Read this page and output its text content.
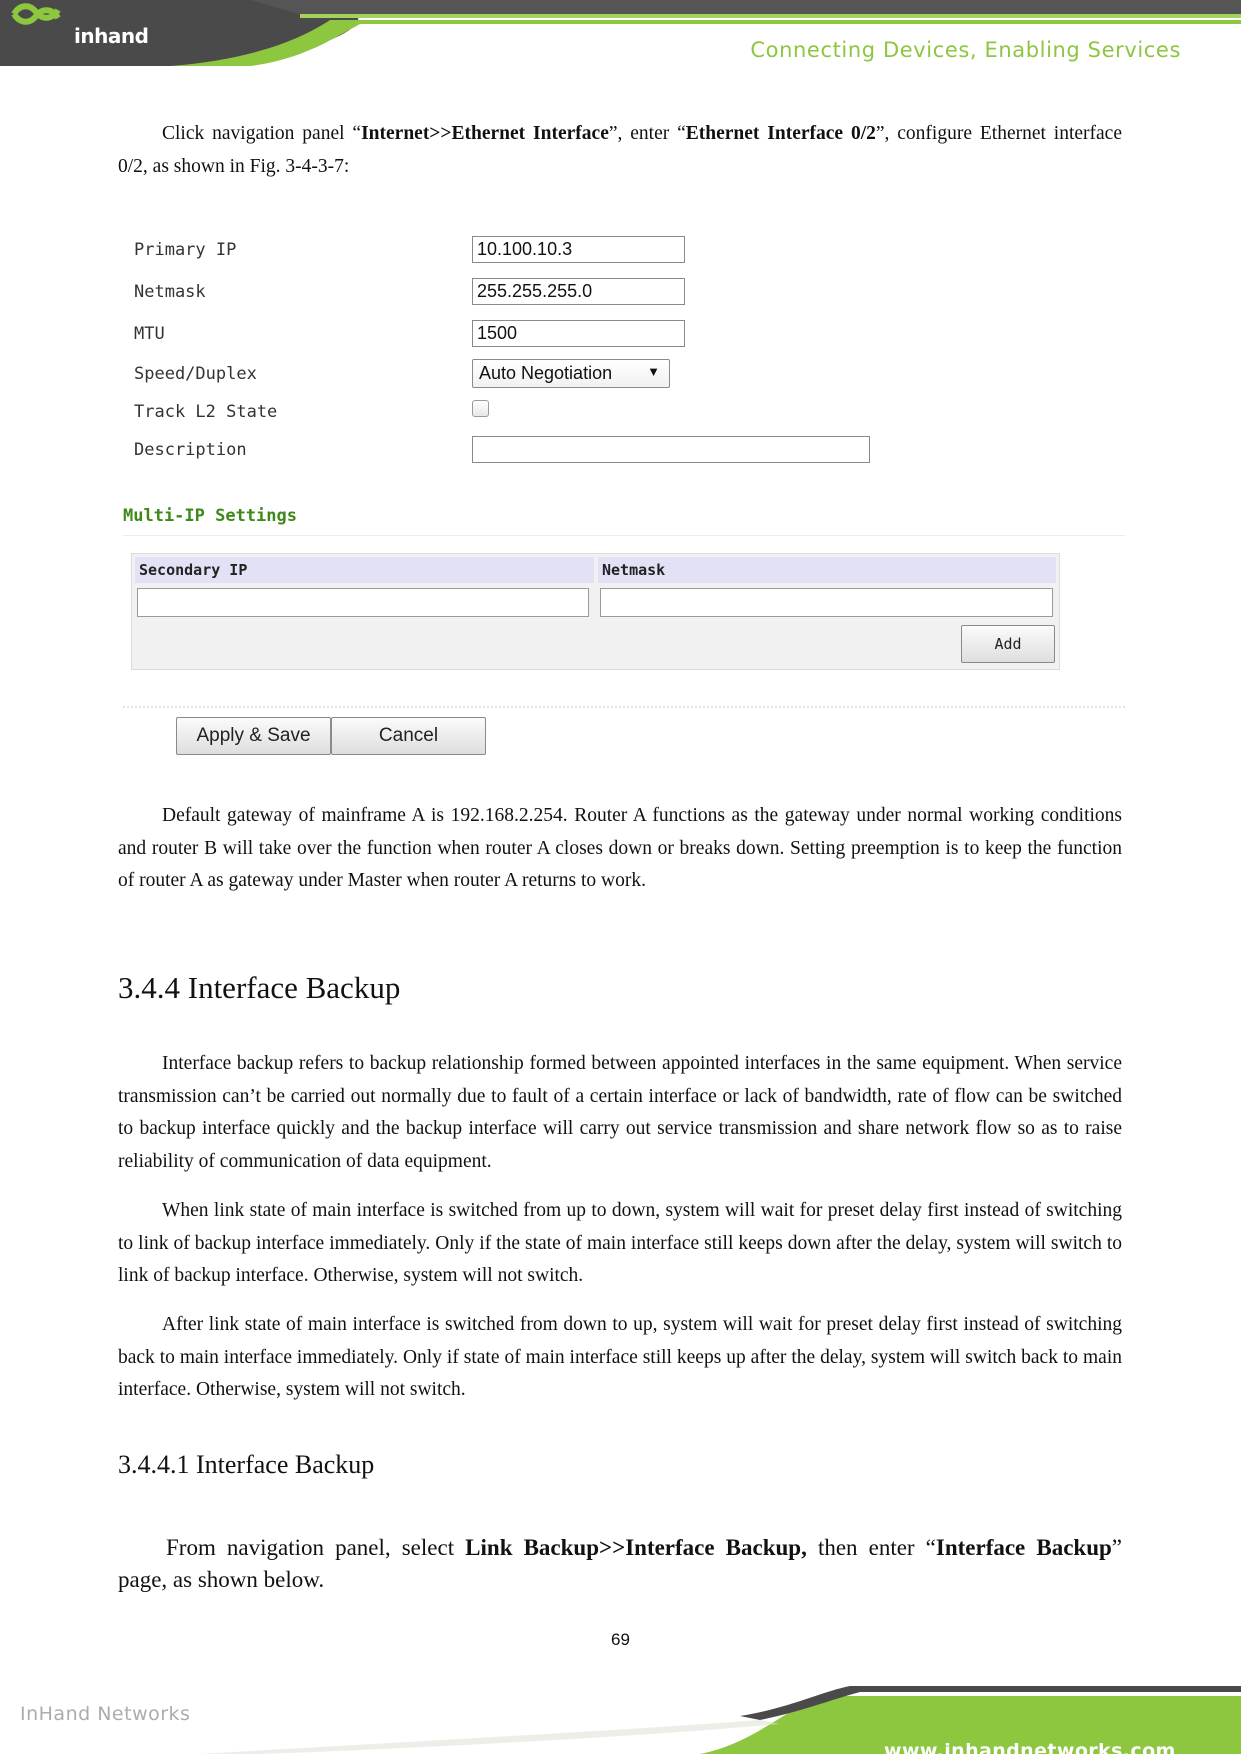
inhand
Connecting Devices, Enabling Services
Click navigation panel “Internet>>Ethernet Interface”, enter “Ethernet Interface 0/2”, configure Ethernet interface 0/2, as shown in Fig. 3-4-3-7:
Primary IP	10.100.10.3
Netmask	255.255.255.0
MTU	1500
Speed/Duplex	Auto Negotiation	▼
Track L2 State
Description
Multi-IP Settings
Secondary IP	Netmask
Add
Apply & Save	Cancel
Default gateway of mainframe A is 192.168.2.254. Router A functions as the gateway under normal working conditions and router B will take over the function when router A closes down or breaks down. Setting preemption is to keep the function of router A as gateway under Master when router A returns to work.
3.4.4 Interface Backup
Interface backup refers to backup relationship formed between appointed interfaces in the same equipment. When service transmission can’t be carried out normally due to fault of a certain interface or lack of bandwidth, rate of flow can be switched to backup interface quickly and the backup interface will carry out service transmission and share network flow so as to raise reliability of communication of data equipment.
When link state of main interface is switched from up to down, system will wait for preset delay first instead of switching to link of backup interface immediately. Only if the state of main interface still keeps down after the delay, system will switch to link of backup interface. Otherwise, system will not switch.
After link state of main interface is switched from down to up, system will wait for preset delay first instead of switching back to main interface immediately. Only if state of main interface still keeps up after the delay, system will switch back to main interface. Otherwise, system will not switch.
3.4.4.1 Interface Backup
From navigation panel, select Link Backup>>Interface Backup, then enter “Interface Backup” page, as shown below.
69
InHand Networks
www.inhandnetworks.com
